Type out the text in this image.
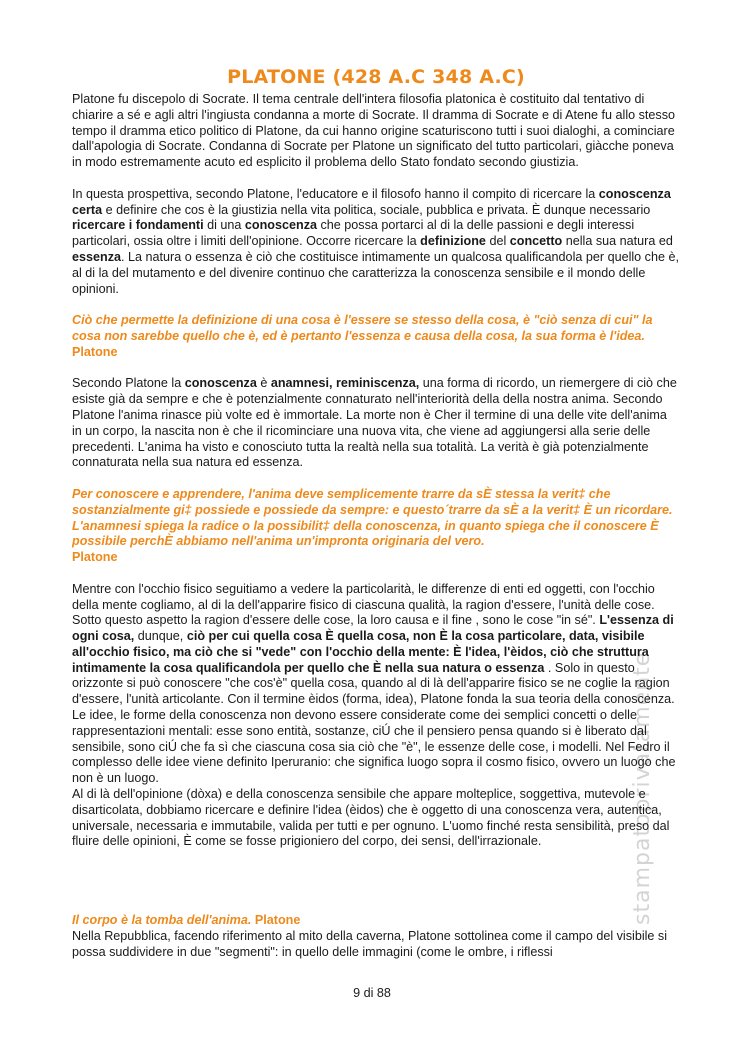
stampatoprivatamente
PLATONE (428 A.C 348 A.C)

Platone fu discepolo di Socrate. Il tema centrale dell'intera filosofia platonica è costituito dal tentativo di chiarire a sé e agli altri l'ingiusta condanna a morte di Socrate. Il dramma di Socrate e di Atene fu allo stesso tempo il dramma etico politico di Platone, da cui hanno origine scaturiscono tutti i suoi dialoghi, a cominciare dall'apologia di Socrate. Condanna di Socrate per Platone un significato del tutto particolari, giàcche poneva in modo estremamente acuto ed esplicito il problema dello Stato fondato secondo giustizia.

In questa prospettiva, secondo Platone, l'educatore e il filosofo hanno il compito di ricercare la conoscenza certa e definire che cos è la giustizia nella vita politica, sociale, pubblica e privata. È dunque necessario ricercare i fondamenti di una conoscenza che possa portarci al di la delle passioni e degli interessi particolari, ossia oltre i limiti dell'opinione. Occorre ricercare la definizione del concetto nella sua natura ed essenza. La natura o essenza è ciò che costituisce intimamente un qualcosa qualificandola per quello che è, al di la del mutamento e del divenire continuo che caratterizza la conoscenza sensibile e il mondo delle opinioni.

Ciò che permette la definizione di una cosa è l'essere se stesso della cosa, è "ciò senza di cui" la cosa non sarebbe quello che è, ed è pertanto l'essenza e causa della cosa, la sua forma è l'idea. Platone

Secondo Platone la conoscenza è anamnesi, reminiscenza, una forma di ricordo, un riemergere di ciò che esiste già da sempre e che è potenzialmente connaturato nell'interiorità della della nostra anima. Secondo Platone l'anima rinasce più volte ed è immortale. La morte non è Cher il termine di una delle vite dell'anima in un corpo, la nascita non è che il ricominciare una nuova vita, che viene ad aggiungersi alla serie delle precedenti. L'anima ha visto e conosciuto tutta la realtà nella sua totalità. La verità è già potenzialmente connaturata nella sua natura ed essenza.

Per conoscere e apprendere, l'anima deve semplicemente trarre da sÈ stessa la verit‡ che sostanzialmente gi‡ possiede e possiede da sempre: e questo´trarre da sÈ a la verit‡ È un ricordare. L'anamnesi spiega la radice o la possibilit‡ della conoscenza, in quanto spiega che il conoscere È possibile perchÈ abbiamo nell'anima un'impronta originaria del vero.
Platone

Mentre con l'occhio fisico seguitiamo a vedere la particolarità, le differenze di enti ed oggetti, con l'occhio della mente cogliamo, al di la dell'apparire fisico di ciascuna qualità, la ragion d'essere, l'unità delle cose. Sotto questo aspetto la ragion d'essere delle cose, la loro causa e il fine , sono le cose "in sé". L'essenza di ogni cosa, dunque, ciò per cui quella cosa È quella cosa, non È la cosa particolare, data, visibile all'occhio fisico, ma ciò che si "vede" con l'occhio della mente: È l'idea, l'èidos, ciò che struttura intimamente la cosa qualificandola per quello che È nella sua natura o essenza . Solo in questo orizzonte si può conoscere "che cos'è" quella cosa, quando al di là dell'apparire fisico se ne coglie la ragion d'essere, l'unità articolante. Con il termine èidos (forma, idea), Platone fonda la sua teoria della conoscenza. Le idee, le forme della conoscenza non devono essere considerate come dei semplici concetti o delle rappresentazioni mentali: esse sono entità, sostanze, ciÚ che il pensiero pensa quando si è liberato dal sensibile, sono ciÚ che fa sì che ciascuna cosa sia ciò che "è", le essenze delle cose, i modelli. Nel Fedro il complesso delle idee viene definito Iperuranio: che significa luogo sopra il cosmo fisico, ovvero un luogo che non è un luogo.

Al di là dell'opinione (dòxa) e della conoscenza sensibile che appare molteplice, soggettiva, mutevole e disarticolata, dobbiamo ricercare e definire l'idea (èidos) che è oggetto di una conoscenza vera, autentica, universale, necessaria e immutabile, valida per tutti e per ognuno. L'uomo finché resta sensibilità, preso dal fluire delle opinioni, È come se fosse prigioniero del corpo, dei sensi, dell'irrazionale.

Il corpo è la tomba dell'anima. Platone

Nella Repubblica, facendo riferimento al mito della caverna, Platone sottolinea come il campo del visibile si possa suddividere in due "segmenti": in quello delle immagini (come le ombre, i riflessi

9 di 88
